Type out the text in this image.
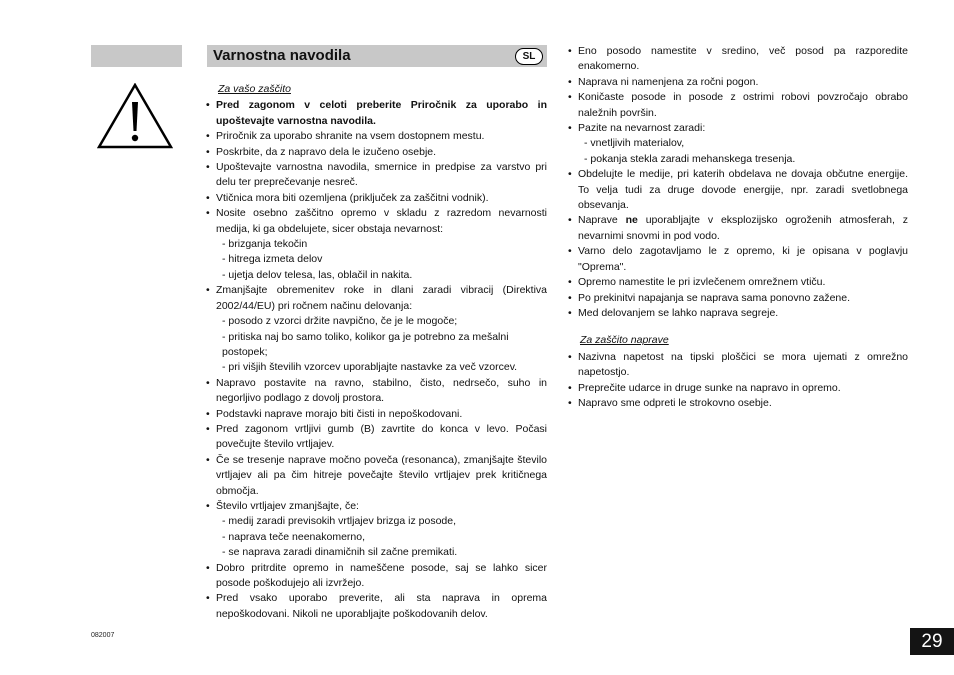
Varnostna navodila	SL
Za vašo zaščito
• Pred zagonom v celoti preberite Priročnik za uporabo in upoštevajte varnostna navodila.
• Priročnik za uporabo shranite na vsem dostopnem mestu.
• Poskrbite, da z napravo dela le izučeno osebje.
• Upoštevajte varnostna navodila, smernice in predpise za varstvo pri delu ter preprečevanje nesreč.
• Vtičnica mora biti ozemljena (priključek za zaščitni vodnik).
• Nosite osebno zaščitno opremo v skladu z razredom nevarnosti medija, ki ga obdelujete, sicer obstaja nevarnost:
- brizganja tekočin
- hitrega izmeta delov
- ujetja delov telesa, las, oblačil in nakita.
• Zmanjšajte obremenitev roke in dlani zaradi vibracij (Direktiva 2002/44/EU) pri ročnem načinu delovanja:
- posodo z vzorci držite navpično, če je le mogoče;
- pritiska naj bo samo toliko, kolikor ga je potrebno za mešalni postopek;
- pri višjih številih vzorcev uporabljajte nastavke za več vzorcev.
• Napravo postavite na ravno, stabilno, čisto, nedrsečo, suho in negorljivo podlago z dovolj prostora.
• Podstavki naprave morajo biti čisti in nepoškodovani.
• Pred zagonom vrtljivi gumb (B) zavrtite do konca v levo. Počasi povečujte število vrtljajev.
• Če se tresenje naprave močno poveča (resonanca), zmanjšajte število vrtljajev ali pa čim hitreje povečajte število vrtljajev prek kritičnega območja.
• Število vrtljajev zmanjšajte, če:
- medij zaradi previsokih vrtljajev brizga iz posode,
- naprava teče neenakomerno,
- se naprava zaradi dinamičnih sil začne premikati.
• Dobro pritrdite opremo in nameščene posode, saj se lahko sicer posode poškodujejo ali izvržejo.
• Pred vsako uporabo preverite, ali sta naprava in oprema nepoškodovani. Nikoli ne uporabljajte poškodovanih delov.
• Eno posodo namestite v sredino, več posod pa razporedite enakomerno.
• Naprava ni namenjena za ročni pogon.
• Koničaste posode in posode z ostrimi robovi povzročajo obrabo naležnih površin.
• Pazite na nevarnost zaradi:
- vnetljivih materialov,
- pokanja stekla zaradi mehanskega tresenja.
• Obdelujte le medije, pri katerih obdelava ne dovaja občutne energije. To velja tudi za druge dovode energije, npr. zaradi svetlobnega obsevanja.
• Naprave ne uporabljajte v eksplozijsko ogroženih atmosferah, z nevarnimi snovmi in pod vodo.
• Varno delo zagotavljamo le z opremo, ki je opisana v poglavju "Oprema".
• Opremo namestite le pri izvlečenem omrežnem vtiču.
• Po prekinitvi napajanja se naprava sama ponovno zažene.
• Med delovanjem se lahko naprava segreje.
Za zaščito naprave
• Nazivna napetost na tipski ploščici se mora ujemati z omrežno napetostjo.
• Preprečite udarce in druge sunke na napravo in opremo.
• Napravo sme odpreti le strokovno osebje.
082007	29
